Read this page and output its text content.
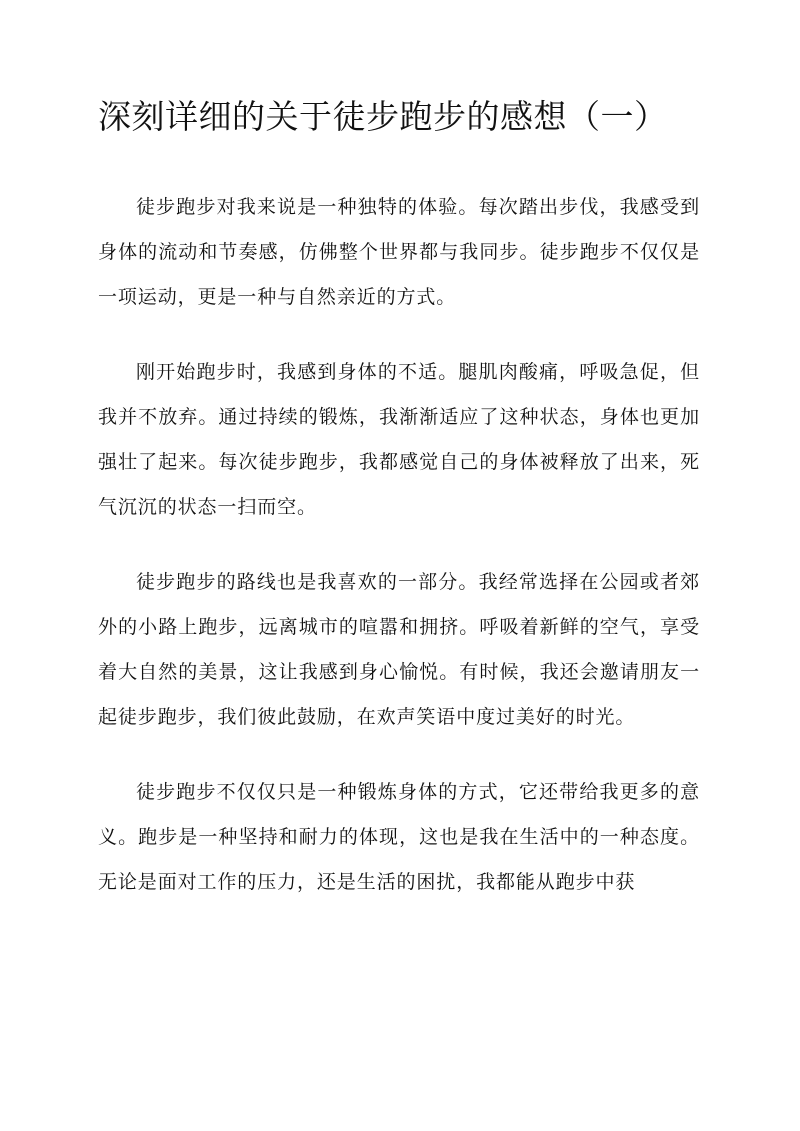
深刻详细的关于徒步跑步的感想（一）

徒步跑步对我来说是一种独特的体验。每次踏出步伐，我感受到身体的流动和节奏感，仿佛整个世界都与我同步。徒步跑步不仅仅是一项运动，更是一种与自然亲近的方式。

刚开始跑步时，我感到身体的不适。腿肌肉酸痛，呼吸急促，但我并不放弃。通过持续的锻炼，我渐渐适应了这种状态，身体也更加强壮了起来。每次徒步跑步，我都感觉自己的身体被释放了出来，死气沉沉的状态一扫而空。

徒步跑步的路线也是我喜欢的一部分。我经常选择在公园或者郊外的小路上跑步，远离城市的喧嚣和拥挤。呼吸着新鲜的空气，享受着大自然的美景，这让我感到身心愉悦。有时候，我还会邀请朋友一起徒步跑步，我们彼此鼓励，在欢声笑语中度过美好的时光。

徒步跑步不仅仅只是一种锻炼身体的方式，它还带给我更多的意义。跑步是一种坚持和耐力的体现，这也是我在生活中的一种态度。无论是面对工作的压力，还是生活的困扰，我都能从跑步中获
